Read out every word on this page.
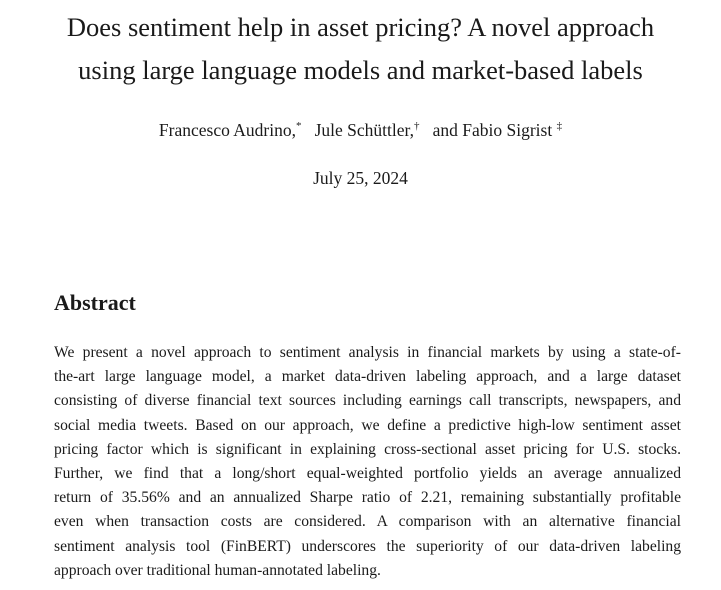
Does sentiment help in asset pricing? A novel approach
using large language models and market-based labels
Francesco Audrino,* Jule Schüttler,† and Fabio Sigrist ‡
July 25, 2024
Abstract

We present a novel approach to sentiment analysis in financial markets by using a state-of-
the-art large language model, a market data-driven labeling approach, and a large dataset
consisting of diverse financial text sources including earnings call transcripts, newspapers, and
social media tweets. Based on our approach, we define a predictive high-low sentiment asset
pricing factor which is significant in explaining cross-sectional asset pricing for U.S. stocks.
Further, we find that a long/short equal-weighted portfolio yields an average annualized
return of 35.56% and an annualized Sharpe ratio of 2.21, remaining substantially profitable
even when transaction costs are considered. A comparison with an alternative financial
sentiment analysis tool (FinBERT) underscores the superiority of our data-driven labeling
approach over traditional human-annotated labeling.
